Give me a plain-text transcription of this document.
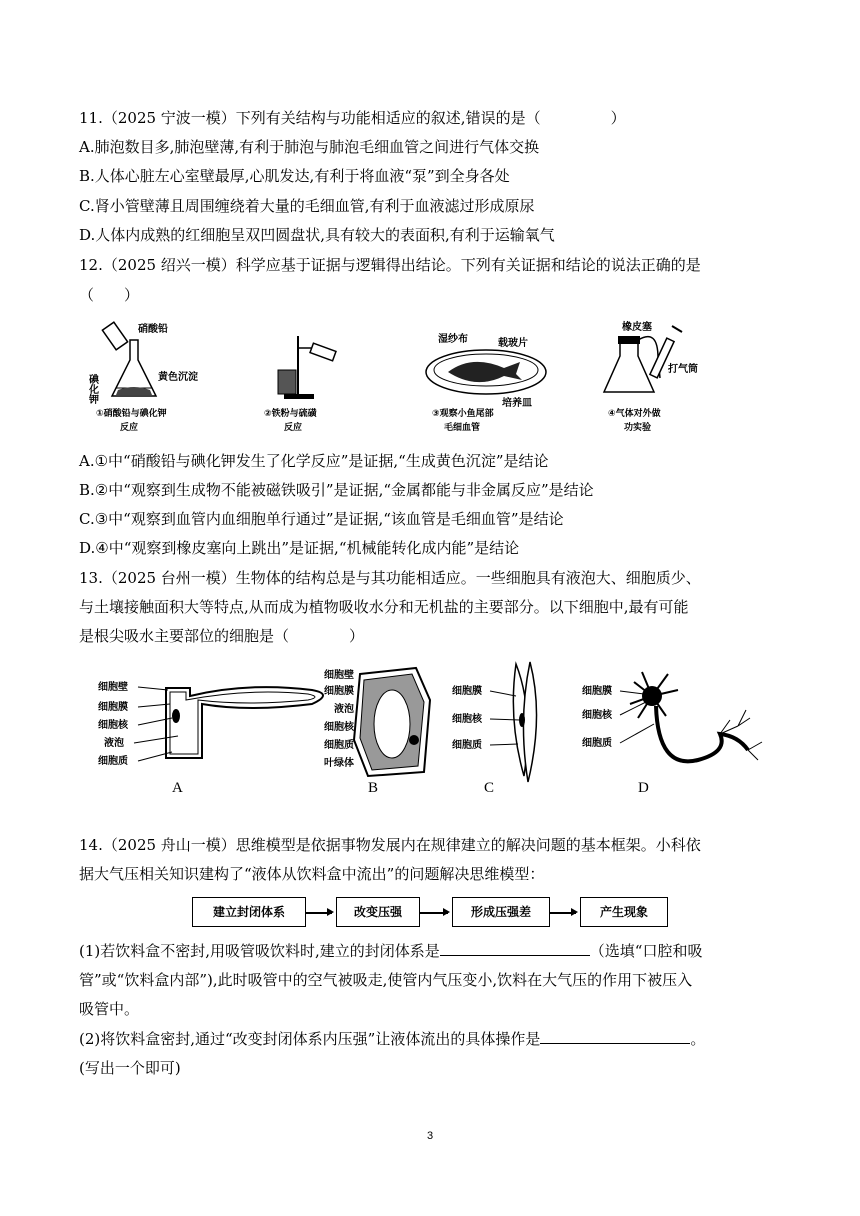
11.（2025 宁波一模）下列有关结构与功能相适应的叙述,错误的是（	）
A.肺泡数目多,肺泡壁薄,有利于肺泡与肺泡毛细血管之间进行气体交换
B.人体心脏左心室壁最厚,心肌发达,有利于将血液“泵”到全身各处
C.肾小管壁薄且周围缠绕着大量的毛细血管,有利于血液滤过形成原尿
D.人体内成熟的红细胞呈双凹圆盘状,具有较大的表面积,有利于运输氧气
12.（2025 绍兴一模）科学应基于证据与逻辑得出结论。下列有关证据和结论的说法正确的是
（　　）
硝酸铅
碘化钾	黄色沉淀
①硝酸铅与碘化钾
反应
②铁粉与硫磺
反应
湿纱布	载玻片
培养皿
③观察小鱼尾部
毛细血管
橡皮塞
打气筒
④气体对外做
功实验
A.①中“硝酸铅与碘化钾发生了化学反应”是证据,“生成黄色沉淀”是结论
B.②中“观察到生成物不能被磁铁吸引”是证据,“金属都能与非金属反应”是结论
C.③中“观察到血管内血细胞单行通过”是证据,“该血管是毛细血管”是结论
D.④中“观察到橡皮塞向上跳出”是证据,“机械能转化成内能”是结论
13.（2025 台州一模）生物体的结构总是与其功能相适应。一些细胞具有液泡大、细胞质少、
与土壤接触面积大等特点,从而成为植物吸收水分和无机盐的主要部分。以下细胞中,最有可能
是根尖吸水主要部位的细胞是（　　　　）
细胞壁
细胞膜
细胞核
液泡
细胞质
A
细胞壁
细胞膜
液泡
细胞核
细胞质
叶绿体
B
细胞膜
细胞核
细胞质
C
细胞膜
细胞核
细胞质
D
14.（2025 舟山一模）思维模型是依据事物发展内在规律建立的解决问题的基本框架。小科依
据大气压相关知识建构了“液体从饮料盒中流出”的问题解决思维模型：
建立封闭体系	改变压强	形成压强差	产生现象
(1)若饮料盒不密封,用吸管吸饮料时,建立的封闭体系是	（选填“口腔和吸
管”或“饮料盒内部”),此时吸管中的空气被吸走,使管内气压变小,饮料在大气压的作用下被压入
吸管中。
(2)将饮料盒密封,通过“改变封闭体系内压强”让液体流出的具体操作是	。
(写出一个即可)
3
